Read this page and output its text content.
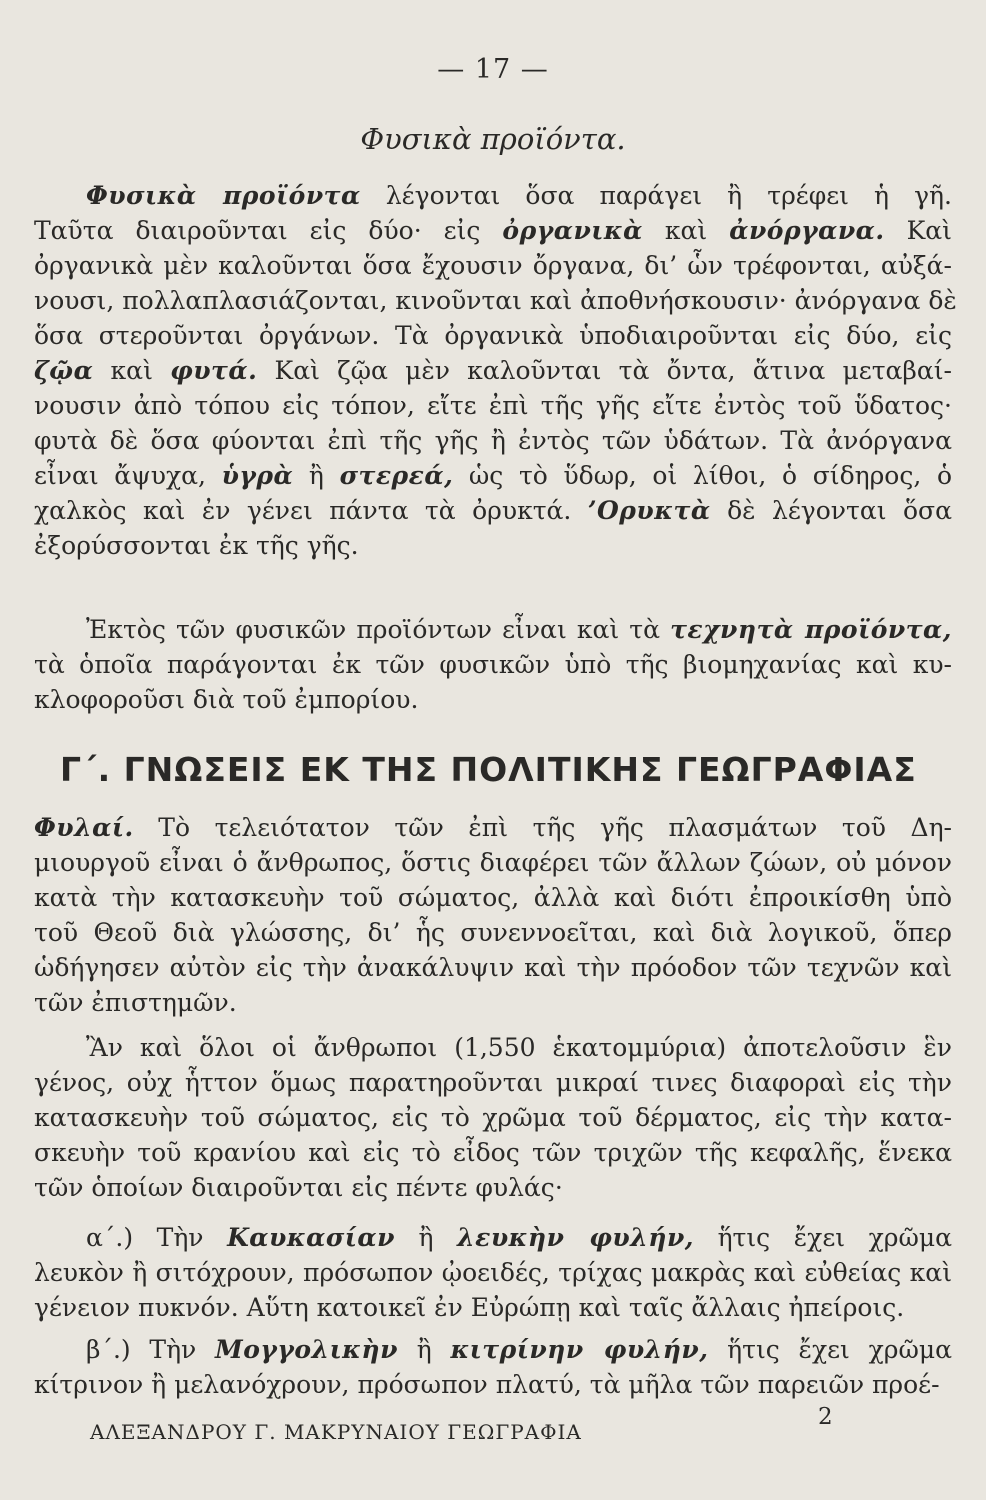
— 17 —
Φυσικὰ προϊόντα.
Φυσικὰ προϊόντα λέγονται ὅσα παράγει ἢ τρέφει ἡ γῆ.
Ταῦτα διαιροῦνται εἰς δύο· εἰς ὀργανικὰ καὶ ἀνόργανα. Καὶ
ὀργανικὰ μὲν καλοῦνται ὅσα ἔχουσιν ὄργανα, δι’ ὧν τρέφονται, αὐξά-
νουσι, πολλαπλασιάζονται, κινοῦνται καὶ ἀποθνήσκουσιν· ἀνόργανα δὲ
ὅσα στεροῦνται ὀργάνων. Τὰ ὀργανικὰ ὑποδιαιροῦνται εἰς δύο, εἰς
ζῷα καὶ φυτά. Καὶ ζῷα μὲν καλοῦνται τὰ ὄντα, ἅτινα μεταβαί-
νουσιν ἀπὸ τόπου εἰς τόπον, εἴτε ἐπὶ τῆς γῆς εἴτε ἐντὸς τοῦ ὕδατος·
φυτὰ δὲ ὅσα φύονται ἐπὶ τῆς γῆς ἢ ἐντὸς τῶν ὑδάτων. Τὰ ἀνόργανα
εἶναι ἄψυχα, ὑγρὰ ἢ στερεά, ὡς τὸ ὕδωρ, οἱ λίθοι, ὁ σίδηρος, ὁ
χαλκὸς καὶ ἐν γένει πάντα τὰ ὀρυκτά. ’Ορυκτὰ δὲ λέγονται ὅσα
ἐξορύσσονται ἐκ τῆς γῆς.
Ἐκτὸς τῶν φυσικῶν προϊόντων εἶναι καὶ τὰ τεχνητὰ προϊόντα,
τὰ ὁποῖα παράγονται ἐκ τῶν φυσικῶν ὑπὸ τῆς βιομηχανίας καὶ κυ-
κλοφοροῦσι διὰ τοῦ ἐμπορίου.
Γ΄. ΓΝΩΣΕΙΣ ΕΚ ΤΗΣ ΠΟΛΙΤΙΚΗΣ ΓΕΩΓΡΑΦΙΑΣ
Φυλαί. Τὸ τελειότατον τῶν ἐπὶ τῆς γῆς πλασμάτων τοῦ Δη-
μιουργοῦ εἶναι ὁ ἄνθρωπος, ὅστις διαφέρει τῶν ἄλλων ζώων, οὐ μόνον
κατὰ τὴν κατασκευὴν τοῦ σώματος, ἀλλὰ καὶ διότι ἐπροικίσθη ὑπὸ
τοῦ Θεοῦ διὰ γλώσσης, δι’ ἧς συνεννοεῖται, καὶ διὰ λογικοῦ, ὅπερ
ὡδήγησεν αὐτὸν εἰς τὴν ἀνακάλυψιν καὶ τὴν πρόοδον τῶν τεχνῶν καὶ
τῶν ἐπιστημῶν.
Ἂν καὶ ὅλοι οἱ ἄνθρωποι (1,550 ἑκατομμύρια) ἀποτελοῦσιν ἓν
γένος, οὐχ ἧττον ὅμως παρατηροῦνται μικραί τινες διαφοραὶ εἰς τὴν
κατασκευὴν τοῦ σώματος, εἰς τὸ χρῶμα τοῦ δέρματος, εἰς τὴν κατα-
σκευὴν τοῦ κρανίου καὶ εἰς τὸ εἶδος τῶν τριχῶν τῆς κεφαλῆς, ἕνεκα
τῶν ὁποίων διαιροῦνται εἰς πέντε φυλάς·
α΄.) Τὴν Καυκασίαν ἢ λευκὴν φυλήν, ἥτις ἔχει χρῶμα
λευκὸν ἢ σιτόχρουν, πρόσωπον ᾠοειδές, τρίχας μακρὰς καὶ εὐθείας καὶ
γένειον πυκνόν. Αὕτη κατοικεῖ ἐν Εὐρώπῃ καὶ ταῖς ἄλλαις ἠπείροις.
β΄.) Τὴν Μογγολικὴν ἢ κιτρίνην φυλήν, ἥτις ἔχει χρῶμα
κίτρινον ἢ μελανόχρουν, πρόσωπον πλατύ, τὰ μῆλα τῶν παρειῶν προέ-
ΑΛΕΞΑΝΔΡΟΥ Γ. ΜΑΚΡΥΝΑΙΟΥ ΓΕΩΓΡΑΦΙΑ
2
